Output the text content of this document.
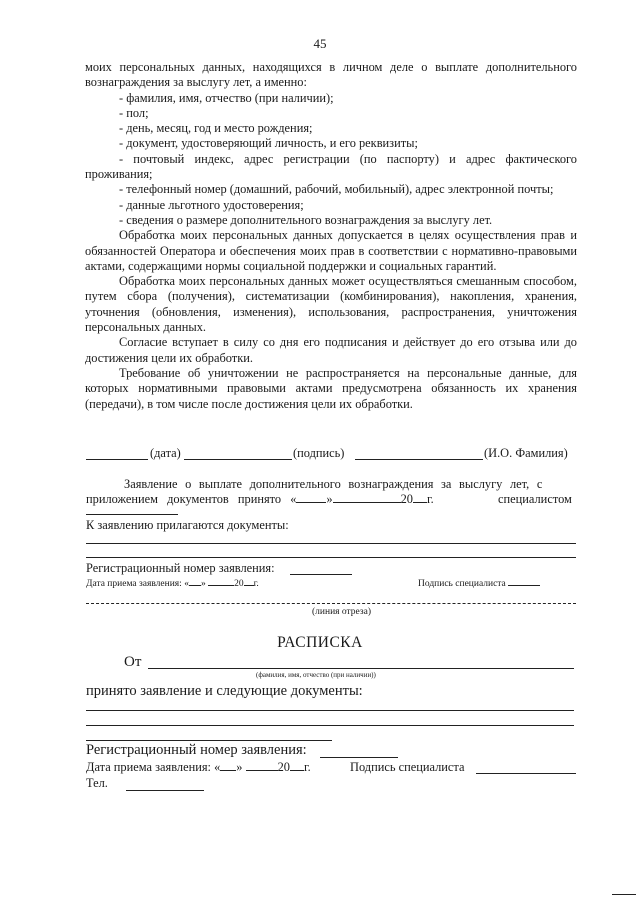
45

моих персональных данных, находящихся в личном деле о выплате дополнительного вознаграждения за выслугу лет, а именно:

- фамилия, имя, отчество (при наличии);

- пол;

- день, месяц, год и место рождения;

- документ, удостоверяющий личность, и его реквизиты;

- почтовый индекс, адрес регистрации (по паспорту) и адрес фактического проживания;

- телефонный номер (домашний, рабочий, мобильный), адрес электронной почты;

- данные льготного удостоверения;

- сведения о размере дополнительного вознаграждения за выслугу лет.

Обработка моих персональных данных допускается в целях осуществления прав и обязанностей Оператора и обеспечения моих прав в соответствии с нормативно-правовыми актами, содержащими нормы социальной поддержки и социальных гарантий.

Обработка моих персональных данных может осуществляться смешанным способом, путем сбора (получения), систематизации (комбинирования), накопления, хранения, уточнения (обновления, изменения), использования, распространения, уничтожения персональных данных.

Согласие вступает в силу со дня его подписания и действует до его отзыва или до достижения цели их обработки.

Требование об уничтожении не распространяется на персональные данные, для которых нормативными правовыми актами предусмотрена обязанность их хранения (передачи), в том числе после достижения цели их обработки.

(дата)	(подпись)	(И.О. Фамилия)
Заявление о выплате дополнительного вознаграждения за выслугу лет, с
приложением документов принято « »	20 г.	специалистом
К заявлению прилагаются документы:
Регистрационный номер заявления:
Дата приема заявления: « »	20 г.	Подпись специалиста
(линия отреза)
РАСПИСКА
От
(фамилия, имя, отчество (при наличии))
принято заявление и следующие документы:
Регистрационный номер заявления:
Дата приема заявления: « »	20 г.	Подпись специалиста
Тел.
